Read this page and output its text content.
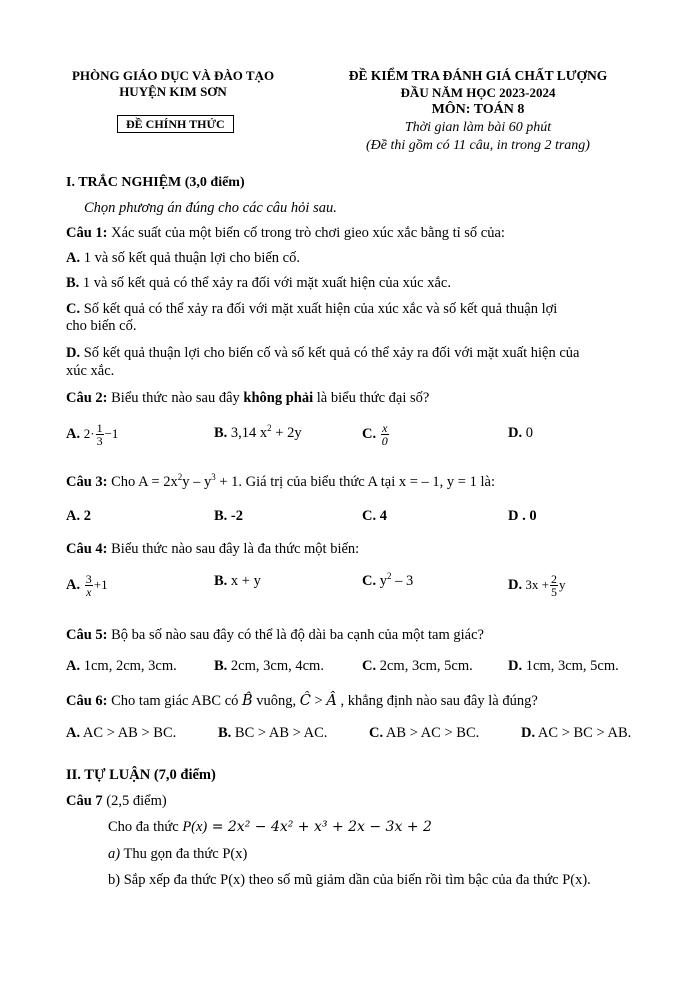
PHÒNG GIÁO DỤC VÀ ĐÀO TẠO
HUYỆN KIM SƠN
ĐỀ CHÍNH THỨC
ĐỀ KIỂM TRA ĐÁNH GIÁ CHẤT LƯỢNG
ĐẦU NĂM HỌC 2023-2024
MÔN: TOÁN 8
Thời gian làm bài 60 phút
(Đề thi gồm có 11 câu, in trong 2 trang)
I. TRẮC NGHIỆM (3,0 điểm)
Chọn phương án đúng cho các câu hỏi sau.
Câu 1: Xác suất của một biến cố trong trò chơi gieo xúc xắc bằng tỉ số của:
A. 1 và số kết quả thuận lợi cho biến cố.
B. 1 và số kết quả có thể xảy ra đối với mặt xuất hiện của xúc xắc.
C. Số kết quả có thể xảy ra đối với mặt xuất hiện của xúc xắc và số kết quả thuận lợi
cho biến cố.
D. Số kết quả thuận lợi cho biến cố và số kết quả có thể xảy ra đối với mặt xuất hiện của
xúc xắc.
Câu 2: Biểu thức nào sau đây không phải là biểu thức đại số?
A. $2\cdot \frac{1}{3} -1$	B. 3,14 $x^2 + 2y$	C. $\frac{x}{0}$	D. 0
Câu 3: Cho $A = 2x^2y - y^3 + 1$. Giá trị của biểu thức A tại x = – 1, y = 1 là:
A. 2	B. -2	C. 4	D . 0
Câu 4: Biểu thức nào sau đây là đa thức một biến:
A. $\frac{3}{x} +1$	B. x + y	C. $y^2 - 3$	D. $3x + \frac{2}{5}$ y
Câu 5: Bộ ba số nào sau đây có thể là độ dài ba cạnh của một tam giác?
A. 1cm, 2cm, 3cm.	B. 2cm, 3cm, 4cm.	C. 2cm, 3cm, 5cm. D. 1cm, 3cm, 5cm.
Câu 6: Cho tam giác ABC có B̂ vuông, Ĉ > Â , khẳng định nào sau đây là đúng?
A. AC > AB > BC.	B. BC > AB > AC.	C. AB > AC > BC.	D. AC > BC > AB.
II. TỰ LUẬN (7,0 điểm)
Câu 7 (2,5 điểm)
Cho đa thức P(x) = 2x² − 4x² + x³ + 2x − 3x + 2
a) Thu gọn đa thức P(x)
b) Sắp xếp đa thức P(x) theo số mũ giảm dần của biến rồi tìm bậc của đa thức P(x).
